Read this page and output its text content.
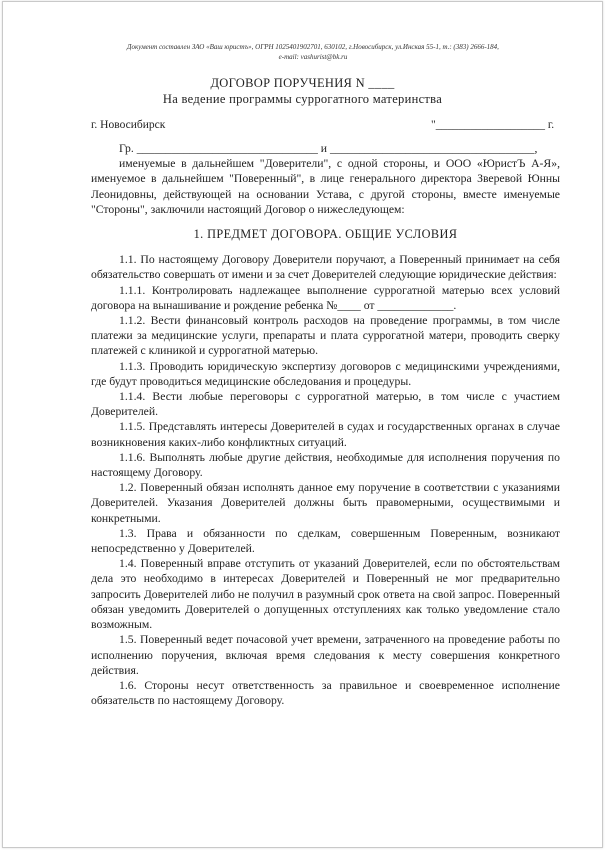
Документ составлен ЗАО «Ваш юристъ», ОГРН 1025401902701, 630102, г.Новосибирск, ул.Инская 55-1, т.: (383) 2666-184,
e-mail: vashurist@bk.ru
ДОГОВОР ПОРУЧЕНИЯ N ____
На ведение программы суррогатного материнства
г. Новосибирск	"___________________ г.

Гр. _______________________________ и ___________________________________,

именуемые в дальнейшем "Доверители", с одной стороны, и ООО «ЮристЪ А-Я», именуемое в дальнейшем "Поверенный", в лице генерального директора Зверевой Юнны Леонидовны, действующей на основании Устава, с другой стороны, вместе именуемые "Стороны", заключили настоящий Договор о нижеследующем:

1. ПРЕДМЕТ ДОГОВОРА. ОБЩИЕ УСЛОВИЯ

1.1. По настоящему Договору Доверители поручают, а Поверенный принимает на себя обязательство совершать от имени и за счет Доверителей следующие юридические действия:

1.1.1. Контролировать надлежащее выполнение суррогатной матерью всех условий договора на вынашивание и рождение ребенка №____ от _____________.

1.1.2. Вести финансовый контроль расходов на проведение программы, в том числе платежи за медицинские услуги, препараты и плата суррогатной матери, проводить сверку платежей с клиникой и суррогатной матерью.

1.1.3. Проводить юридическую экспертизу договоров с медицинскими учреждениями, где будут проводиться медицинские обследования и процедуры.

1.1.4. Вести любые переговоры с суррогатной матерью, в том числе с участием Доверителей.

1.1.5. Представлять интересы Доверителей в судах и государственных органах в случае возникновения каких-либо конфликтных ситуаций.

1.1.6. Выполнять любые другие действия, необходимые для исполнения поручения по настоящему Договору.

1.2. Поверенный обязан исполнять данное ему поручение в соответствии с указаниями Доверителей. Указания Доверителей должны быть правомерными, осуществимыми и конкретными.

1.3. Права и обязанности по сделкам, совершенным Поверенным, возникают непосредственно у Доверителей.

1.4. Поверенный вправе отступить от указаний Доверителей, если по обстоятельствам дела это необходимо в интересах Доверителей и Поверенный не мог предварительно запросить Доверителей либо не получил в разумный срок ответа на свой запрос. Поверенный обязан уведомить Доверителей о допущенных отступлениях как только уведомление стало возможным.

1.5. Поверенный ведет почасовой учет времени, затраченного на проведение работы по исполнению поручения, включая время следования к месту совершения конкретного действия.

1.6. Стороны несут ответственность за правильное и своевременное исполнение обязательств по настоящему Договору.
